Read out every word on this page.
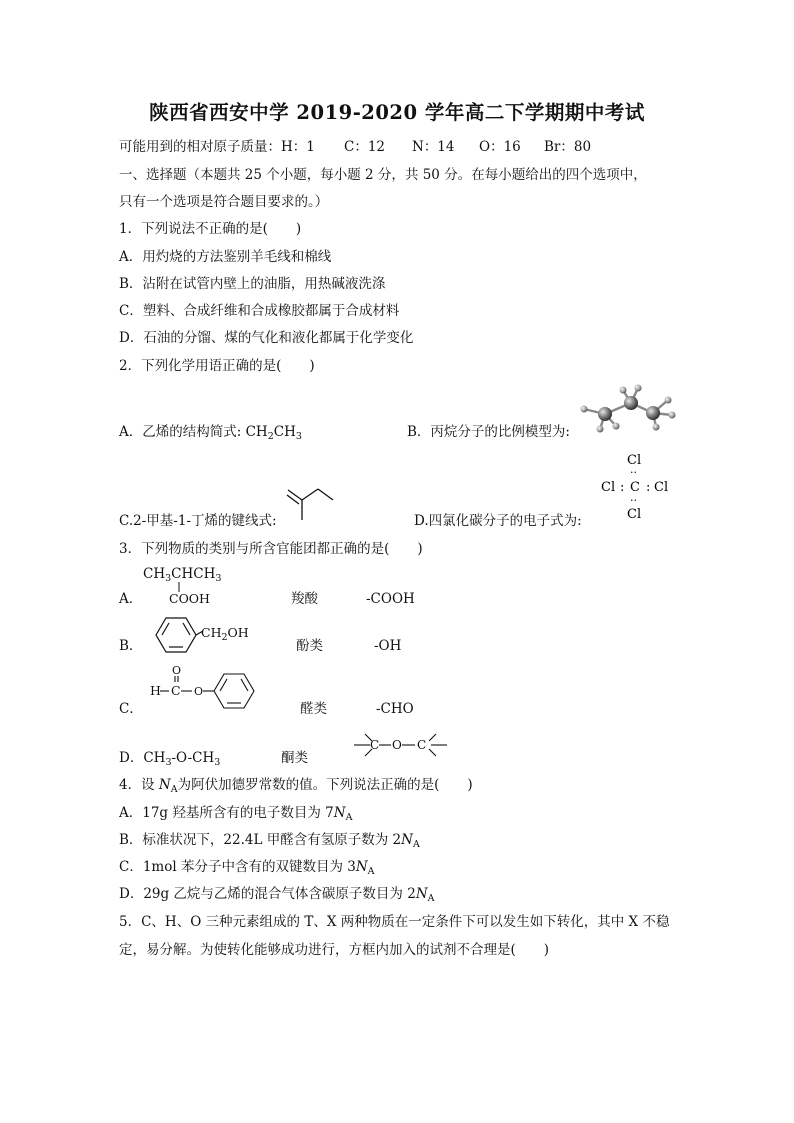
陕西省西安中学 2019-2020 学年高二下学期期中考试
可能用到的相对原子质量：H：1 C：12 N：14 O：16 Br：80
一、选择题（本题共 25 个小题，每小题 2 分，共 50 分。在每小题给出的四个选项中，
只有一个选项是符合题目要求的。）
1．下列说法不正确的是( )
A．用灼烧的方法鉴别羊毛线和棉线
B．沾附在试管内壁上的油脂，用热碱液洗涤
C．塑料、合成纤维和合成橡胶都属于合成材料
D．石油的分馏、煤的气化和液化都属于化学变化
2．下列化学用语正确的是( )
A．乙烯的结构简式: $CH_2CH_3$	B．丙烷分子的比例模型为:
Cl
··
Cl : C : Cl
··
Cl
C.2-甲基-1-丁烯的键线式:	D.四氯化碳分子的电子式为:
3．下列物质的类别与所含官能团都正确的是( )
$CH_3CHCH_3$
A． COOH	羧酸	-COOH
B．
$CH_2OH$
酚类	-OH
C．
H C
O
O
醛类	-CHO
D．$CH_3-O-CH_3$	酮类
C O C
4．设 $N_A$为阿伏加德罗常数的值。下列说法正确的是( )
A．17g 羟基所含有的电子数目为 $7N_A$
B．标准状况下，22.4L 甲醛含有氢原子数为 $2N_A$
C．1mol 苯分子中含有的双键数目为 $3N_A$
D．29g 乙烷与乙烯的混合气体含碳原子数目为 $2N_A$
5．C、H、O 三种元素组成的 T、X 两种物质在一定条件下可以发生如下转化，其中 X 不稳
定，易分解。为使转化能够成功进行，方框内加入的试剂不合理是( )
